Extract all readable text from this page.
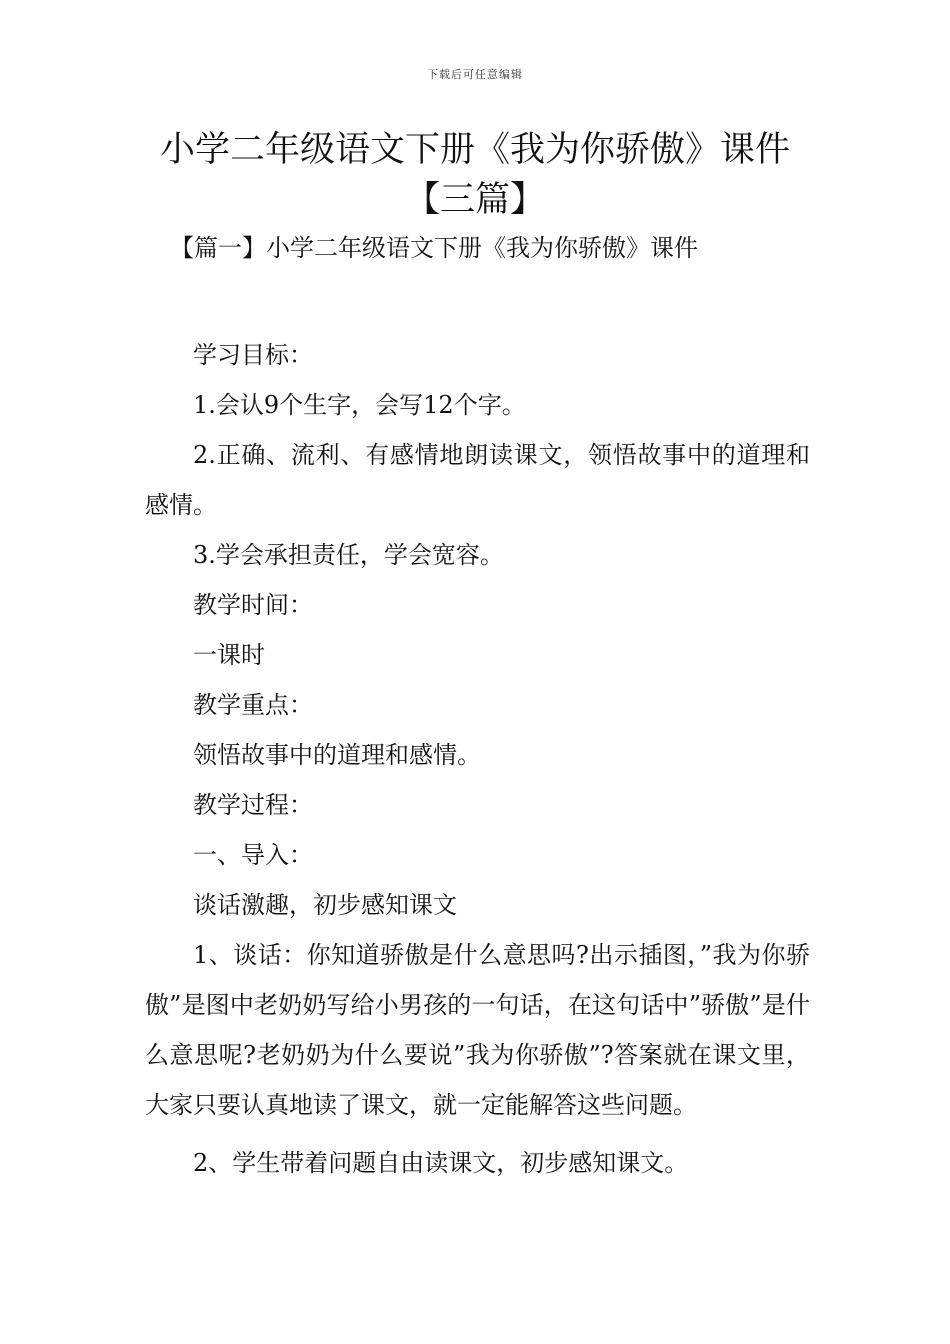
下载后可任意编辑
小学二年级语文下册《我为你骄傲》课件
【三篇】
【篇一】小学二年级语文下册《我为你骄傲》课件

学习目标：

1.会认9个生字，会写12个字。

2.正确、流利、有感情地朗读课文，领悟故事中的道理和感情。

3.学会承担责任，学会宽容。

教学时间：

一课时

教学重点：

领悟故事中的道理和感情。

教学过程：

一、导入：

谈话激趣，初步感知课文

1、谈话：你知道骄傲是什么意思吗?出示插图，”我为你骄傲”是图中老奶奶写给小男孩的一句话，在这句话中”骄傲”是什么意思呢?老奶奶为什么要说”我为你骄傲”?答案就在课文里，大家只要认真地读了课文，就一定能解答这些问题。

2、学生带着问题自由读课文，初步感知课文。
